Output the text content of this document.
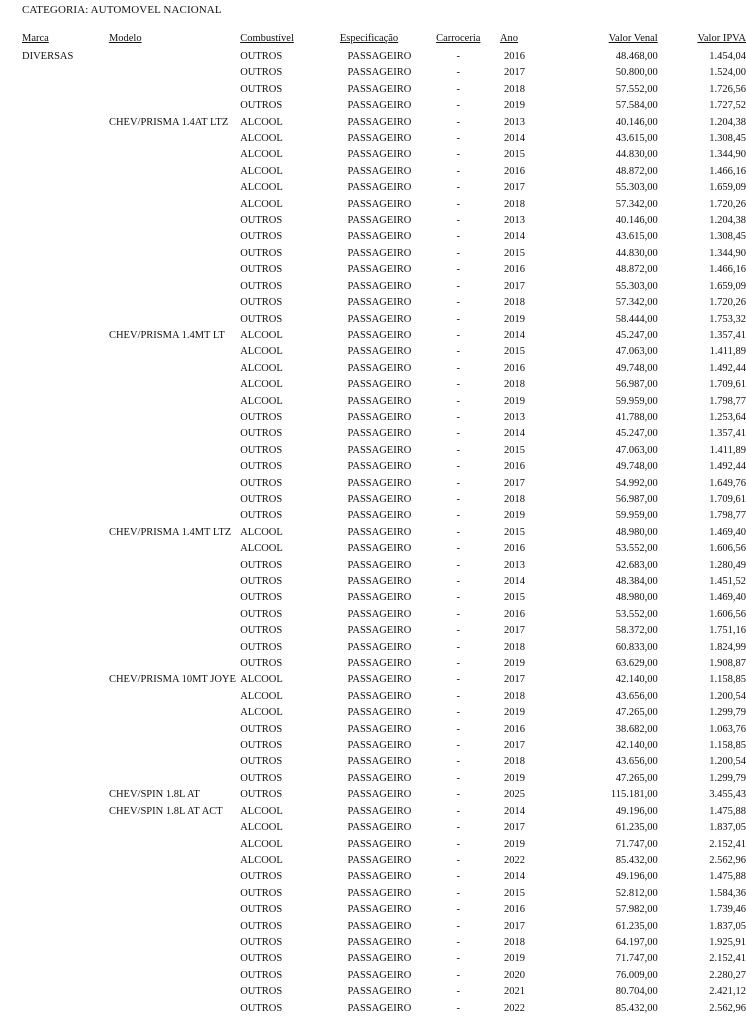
CATEGORIA: AUTOMOVEL NACIONAL
Marca	Modelo	Combustível	Especificação	Carroceria	Ano	Valor Venal	Valor IPVA
DIVERSAS		OUTROS	PASSAGEIRO	-	2016	48.468,00	1.454,04
		OUTROS	PASSAGEIRO	-	2017	50.800,00	1.524,00
		OUTROS	PASSAGEIRO	-	2018	57.552,00	1.726,56
		OUTROS	PASSAGEIRO	-	2019	57.584,00	1.727,52
	CHEV/PRISMA 1.4AT LTZ	ALCOOL	PASSAGEIRO	-	2013	40.146,00	1.204,38
		ALCOOL	PASSAGEIRO	-	2014	43.615,00	1.308,45
		ALCOOL	PASSAGEIRO	-	2015	44.830,00	1.344,90
		ALCOOL	PASSAGEIRO	-	2016	48.872,00	1.466,16
		ALCOOL	PASSAGEIRO	-	2017	55.303,00	1.659,09
		ALCOOL	PASSAGEIRO	-	2018	57.342,00	1.720,26
		OUTROS	PASSAGEIRO	-	2013	40.146,00	1.204,38
		OUTROS	PASSAGEIRO	-	2014	43.615,00	1.308,45
		OUTROS	PASSAGEIRO	-	2015	44.830,00	1.344,90
		OUTROS	PASSAGEIRO	-	2016	48.872,00	1.466,16
		OUTROS	PASSAGEIRO	-	2017	55.303,00	1.659,09
		OUTROS	PASSAGEIRO	-	2018	57.342,00	1.720,26
		OUTROS	PASSAGEIRO	-	2019	58.444,00	1.753,32
	CHEV/PRISMA 1.4MT LT	ALCOOL	PASSAGEIRO	-	2014	45.247,00	1.357,41
		ALCOOL	PASSAGEIRO	-	2015	47.063,00	1.411,89
		ALCOOL	PASSAGEIRO	-	2016	49.748,00	1.492,44
		ALCOOL	PASSAGEIRO	-	2018	56.987,00	1.709,61
		ALCOOL	PASSAGEIRO	-	2019	59.959,00	1.798,77
		OUTROS	PASSAGEIRO	-	2013	41.788,00	1.253,64
		OUTROS	PASSAGEIRO	-	2014	45.247,00	1.357,41
		OUTROS	PASSAGEIRO	-	2015	47.063,00	1.411,89
		OUTROS	PASSAGEIRO	-	2016	49.748,00	1.492,44
		OUTROS	PASSAGEIRO	-	2017	54.992,00	1.649,76
		OUTROS	PASSAGEIRO	-	2018	56.987,00	1.709,61
		OUTROS	PASSAGEIRO	-	2019	59.959,00	1.798,77
	CHEV/PRISMA 1.4MT LTZ	ALCOOL	PASSAGEIRO	-	2015	48.980,00	1.469,40
		ALCOOL	PASSAGEIRO	-	2016	53.552,00	1.606,56
		OUTROS	PASSAGEIRO	-	2013	42.683,00	1.280,49
		OUTROS	PASSAGEIRO	-	2014	48.384,00	1.451,52
		OUTROS	PASSAGEIRO	-	2015	48.980,00	1.469,40
		OUTROS	PASSAGEIRO	-	2016	53.552,00	1.606,56
		OUTROS	PASSAGEIRO	-	2017	58.372,00	1.751,16
		OUTROS	PASSAGEIRO	-	2018	60.833,00	1.824,99
		OUTROS	PASSAGEIRO	-	2019	63.629,00	1.908,87
	CHEV/PRISMA 10MT JOYE	ALCOOL	PASSAGEIRO	-	2017	42.140,00	1.158,85
		ALCOOL	PASSAGEIRO	-	2018	43.656,00	1.200,54
		ALCOOL	PASSAGEIRO	-	2019	47.265,00	1.299,79
		OUTROS	PASSAGEIRO	-	2016	38.682,00	1.063,76
		OUTROS	PASSAGEIRO	-	2017	42.140,00	1.158,85
		OUTROS	PASSAGEIRO	-	2018	43.656,00	1.200,54
		OUTROS	PASSAGEIRO	-	2019	47.265,00	1.299,79
	CHEV/SPIN 1.8L AT	OUTROS	PASSAGEIRO	-	2025	115.181,00	3.455,43
	CHEV/SPIN 1.8L AT ACT	ALCOOL	PASSAGEIRO	-	2014	49.196,00	1.475,88
		ALCOOL	PASSAGEIRO	-	2017	61.235,00	1.837,05
		ALCOOL	PASSAGEIRO	-	2019	71.747,00	2.152,41
		ALCOOL	PASSAGEIRO	-	2022	85.432,00	2.562,96
		OUTROS	PASSAGEIRO	-	2014	49.196,00	1.475,88
		OUTROS	PASSAGEIRO	-	2015	52.812,00	1.584,36
		OUTROS	PASSAGEIRO	-	2016	57.982,00	1.739,46
		OUTROS	PASSAGEIRO	-	2017	61.235,00	1.837,05
		OUTROS	PASSAGEIRO	-	2018	64.197,00	1.925,91
		OUTROS	PASSAGEIRO	-	2019	71.747,00	2.152,41
		OUTROS	PASSAGEIRO	-	2020	76.009,00	2.280,27
		OUTROS	PASSAGEIRO	-	2021	80.704,00	2.421,12
		OUTROS	PASSAGEIRO	-	2022	85.432,00	2.562,96
